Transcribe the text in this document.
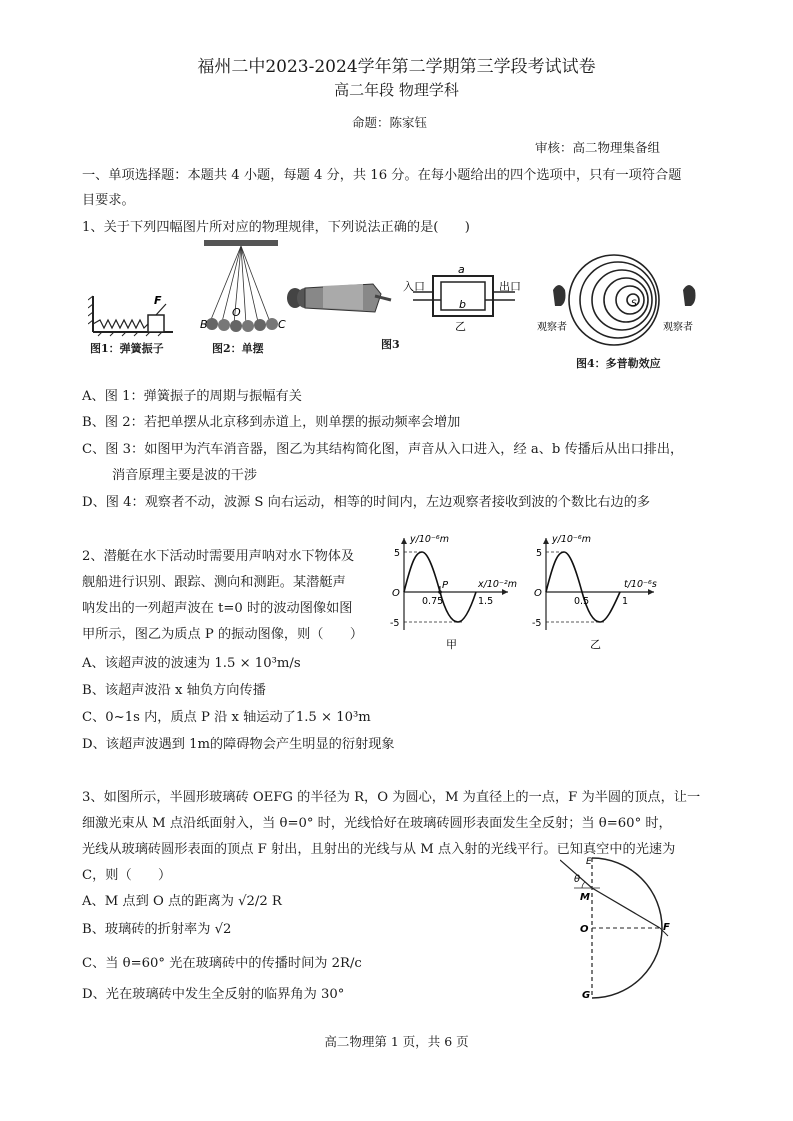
福州二中2023-2024学年第二学期第三学段考试试卷
高二年段 物理学科
命题：陈家钰
审核：高二物理集备组
一、单项选择题：本题共 4 小题，每题 4 分，共 16 分。在每小题给出的四个选项中，只有一项符合题
目要求。
1、关于下列四幅图片所对应的物理规律，下列说法正确的是(　　)
F
图1：弹簧振子
B
O
C
图2：单摆	图3
入口	出口
a
b
乙
S
观察者	观察者
图4：多普勒效应
A、图 1：弹簧振子的周期与振幅有关
B、图 2：若把单摆从北京移到赤道上，则单摆的振动频率会增加
C、图 3：如图甲为汽车消音器，图乙为其结构简化图，声音从入口进入，经 a、b 传播后从出口排出，
消音原理主要是波的干涉
D、图 4：观察者不动，波源 S 向右运动，相等的时间内，左边观察者接收到波的个数比右边的多
2、潜艇在水下活动时需要用声呐对水下物体及
舰船进行识别、跟踪、测向和测距。某潜艇声
呐发出的一列超声波在 t=0 时的波动图像如图
甲所示，图乙为质点 P 的振动图像，则（　　）
y/10⁻⁶m
x/10⁻²m
5
-5
O
0.75	1.5
P
甲
y/10⁻⁶m
t/10⁻⁶s
5
-5
O
0.5	1
乙
A、该超声波的波速为 1.5 × 10³m/s
B、该超声波沿 x 轴负方向传播
C、0~1s 内，质点 P 沿 x 轴运动了1.5 × 10³m
D、该超声波遇到 1m的障碍物会产生明显的衍射现象
3、如图所示，半圆形玻璃砖 OEFG 的半径为 R，O 为圆心，M 为直径上的一点，F 为半圆的顶点，让一
细激光束从 M 点沿纸面射入，当 θ=0° 时，光线恰好在玻璃砖圆形表面发生全反射；当 θ=60° 时，
光线从玻璃砖圆形表面的顶点 F 射出，且射出的光线与从 M 点入射的光线平行。已知真空中的光速为
C，则（　　）
A、M 点到 O 点的距离为 √2/2 R
B、玻璃砖的折射率为 √2
C、当 θ=60° 光在玻璃砖中的传播时间为 2R/c
D、光在玻璃砖中发生全反射的临界角为 30°
E
θ
M
O	F
G
高二物理第 1 页，共 6 页
